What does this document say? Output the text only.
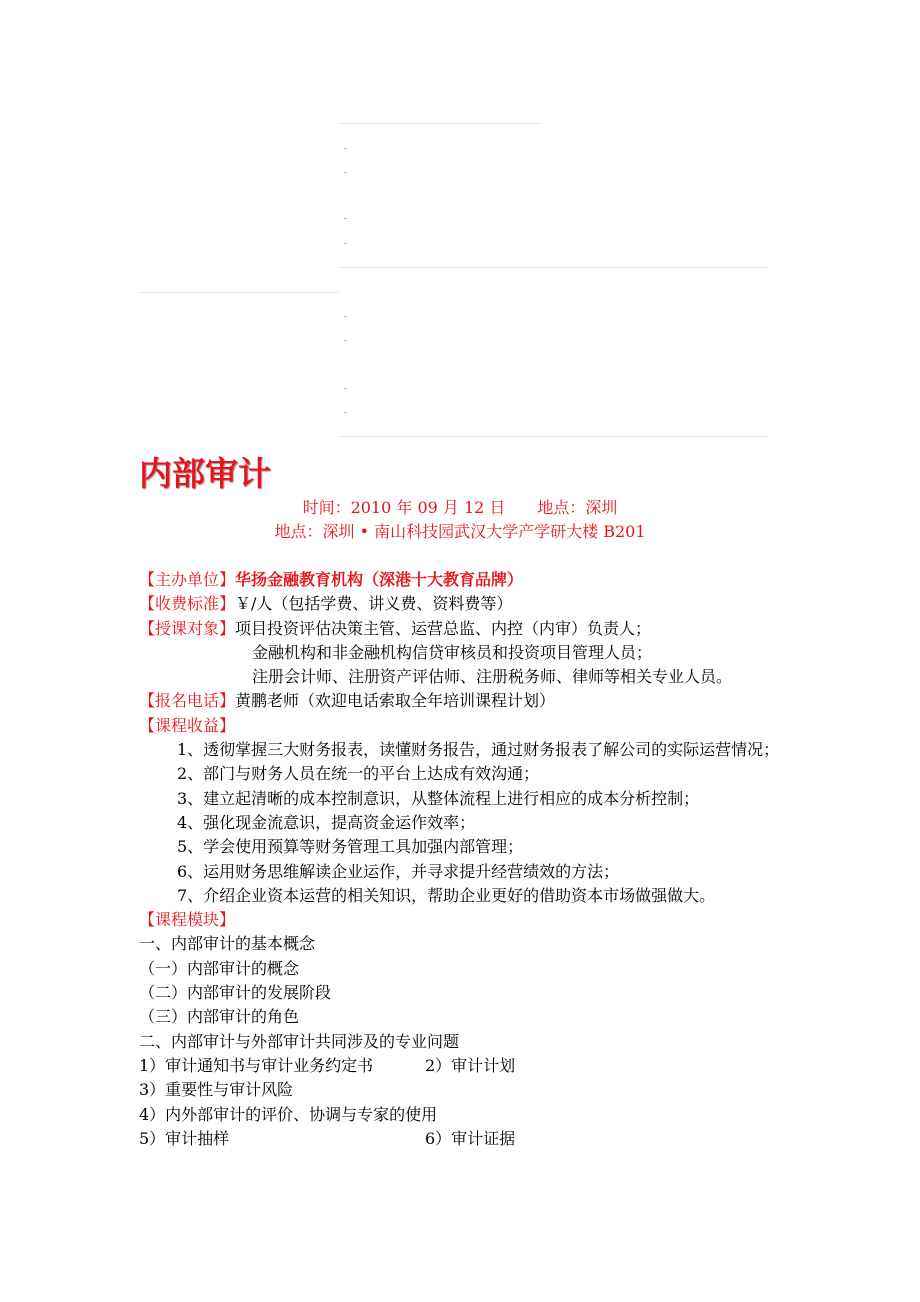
内部审计
时间：2010 年 09 月 12 日　　地点：深圳
地点：深圳 • 南山科技园武汉大学产学研大楼 B201
【主办单位】 华扬金融教育机构（深港十大教育品牌）
【收费标准】 ￥/人（包括学费、讲义费、资料费等）
【授课对象】 项目投资评估决策主管、运营总监、内控（内审）负责人；
金融机构和非金融机构信贷审核员和投资项目管理人员；
注册会计师、注册资产评估师、注册税务师、律师等相关专业人员。
【报名电话】 黄鹏老师（欢迎电话索取全年培训课程计划）
【课程收益】
1、透彻掌握三大财务报表，读懂财务报告，通过财务报表了解公司的实际运营情况；
2、部门与财务人员在统一的平台上达成有效沟通；
3、建立起清晰的成本控制意识，从整体流程上进行相应的成本分析控制；
4、强化现金流意识，提高资金运作效率；
5、学会使用预算等财务管理工具加强内部管理；
6、运用财务思维解读企业运作，并寻求提升经营绩效的方法；
7、介绍企业资本运营的相关知识，帮助企业更好的借助资本市场做强做大。
【课程模块】
一、内部审计的基本概念
（一）内部审计的概念
（二）内部审计的发展阶段
（三）内部审计的角色
二、内部审计与外部审计共同涉及的专业问题
1）审计通知书与审计业务约定书	2）审计计划
3）重要性与审计风险
4）内外部审计的评价、协调与专家的使用
5）审计抽样	6）审计证据
